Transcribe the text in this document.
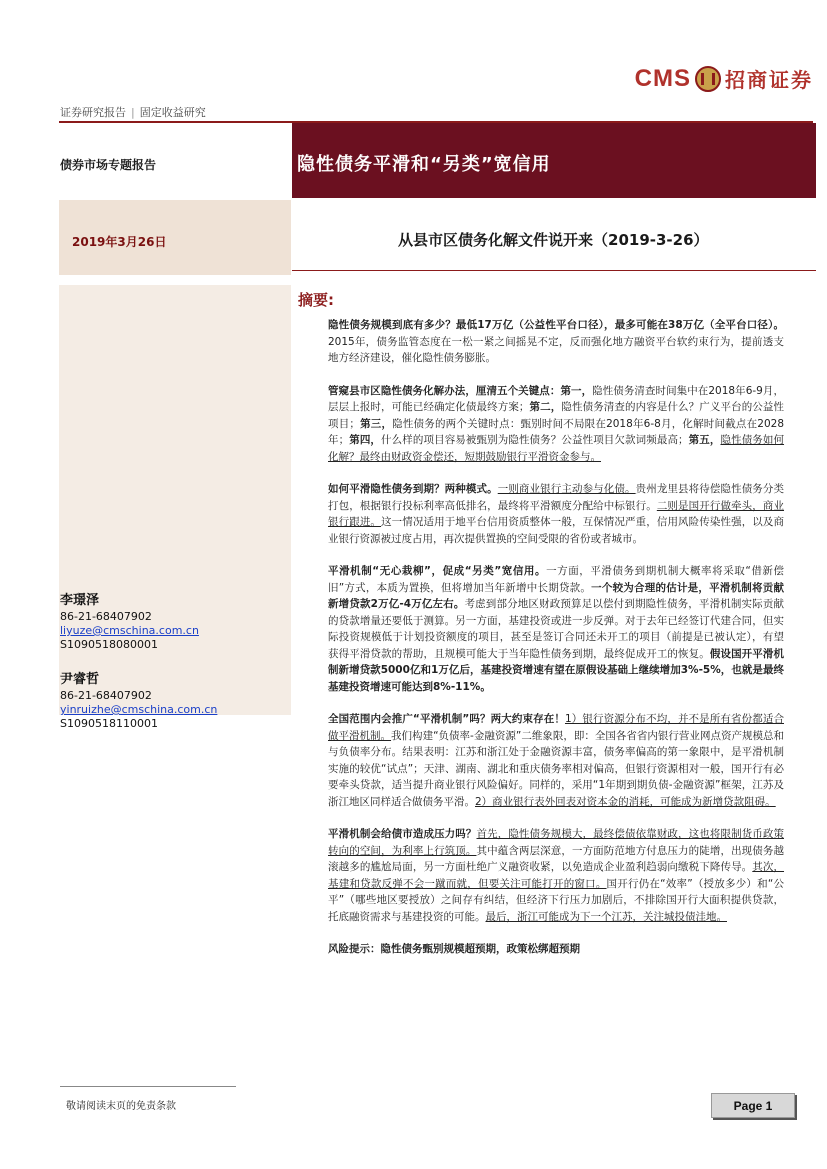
CMS 招商证券
证券研究报告 | 固定收益研究
债券市场专题报告	隐性债务平滑和“另类”宽信用
2019年3月26日	从县市区债务化解文件说开来（2019-3-26）
李璟泽
86-21-68407902
liyuze@cmschina.com.cn
S1090518080001
尹睿哲
86-21-68407902
yinruizhe@cmschina.com.cn
S1090518110001
摘要:
隐性债务规模到底有多少？最低17万亿（公益性平台口径），最多可能在38万亿（全平台口径）。2015年，债务监管态度在一松一紧之间摇晃不定，反而强化地方融资平台软约束行为，提前透支地方经济建设，催化隐性债务膨胀。
管窥县市区隐性债务化解办法，厘清五个关键点：第一，隐性债务清查时间集中在2018年6-9月，层层上报时，可能已经确定化债最终方案；第二，隐性债务清查的内容是什么？广义平台的公益性项目；第三，隐性债务的两个关键时点：甄别时间不局限在2018年6-8月，化解时间截点在2028年；第四，什么样的项目容易被甄别为隐性债务？公益性项目欠款词频最高；第五，隐性债务如何化解？最终由财政资金偿还，短期鼓励银行平滑资金参与。
如何平滑隐性债务到期？两种模式。一则商业银行主动参与化债。贵州龙里县将待偿隐性债务分类打包，根据银行投标利率高低排名，最终将平滑额度分配给中标银行。二则是国开行做牵头，商业银行跟进。这一情况适用于地平台信用资质整体一般，互保情况严重，信用风险传染性强，以及商业银行资源被过度占用，再次提供置换的空间受限的省份或者城市。
平滑机制“无心栽柳”，促成“另类”宽信用。一方面，平滑债务到期机制大概率将采取“借新偿旧”方式，本质为置换，但将增加当年新增中长期贷款。一个较为合理的估计是，平滑机制将贡献新增贷款2万亿-4万亿左右。考虑到部分地区财政预算足以偿付到期隐性债务，平滑机制实际贡献的贷款增量还要低于测算。另一方面，基建投资或进一步反弹。对于去年已经签订代建合同，但实际投资规模低于计划投资额度的项目，甚至是签订合同还未开工的项目（前提是已被认定），有望获得平滑贷款的帮助，且规模可能大于当年隐性债务到期，最终促成开工的恢复。假设国开平滑机制新增贷款5000亿和1万亿后，基建投资增速有望在原假设基础上继续增加3%-5%，也就是最终基建投资增速可能达到8%-11%。
全国范围内会推广“平滑机制”吗？两大约束存在！1）银行资源分布不均，并不是所有省份都适合做平滑机制。我们构建“负债率-金融资源”二维象限，即：全国各省省内银行营业网点资产规模总和与负债率分布。结果表明：江苏和浙江处于金融资源丰富，债务率偏高的第一象限中，是平滑机制实施的较优“试点”；天津、湖南、湖北和重庆债务率相对偏高，但银行资源相对一般，国开行有必要牵头贷款，适当提升商业银行风险偏好。同样的，采用“1年期到期负债-金融资源”框架，江苏及浙江地区同样适合做债务平滑。2）商业银行表外回表对资本金的消耗，可能成为新增贷款阻碍。
平滑机制会给债市造成压力吗？首先，隐性债务规模大，最终偿债依靠财政，这也将限制货币政策转向的空间，为利率上行筑顶。其中蕴含两层深意，一方面防范地方付息压力的陡增，出现债务越滚越多的尴尬局面，另一方面杜绝广义融资收紧，以免造成企业盈利趋弱向缴税下降传导。其次，基建和贷款反弹不会一蹴而就，但要关注可能打开的窗口。国开行仍在“效率”（授放多少）和“公平”（哪些地区要授放）之间存有纠结，但经济下行压力加剧后，不排除国开行大面积提供贷款，托底融资需求与基建投资的可能。最后，浙江可能成为下一个江苏，关注城投债洼地。
风险提示：隐性债务甄别规模超预期，政策松绑超预期
敬请阅读末页的免责条款	Page 1
